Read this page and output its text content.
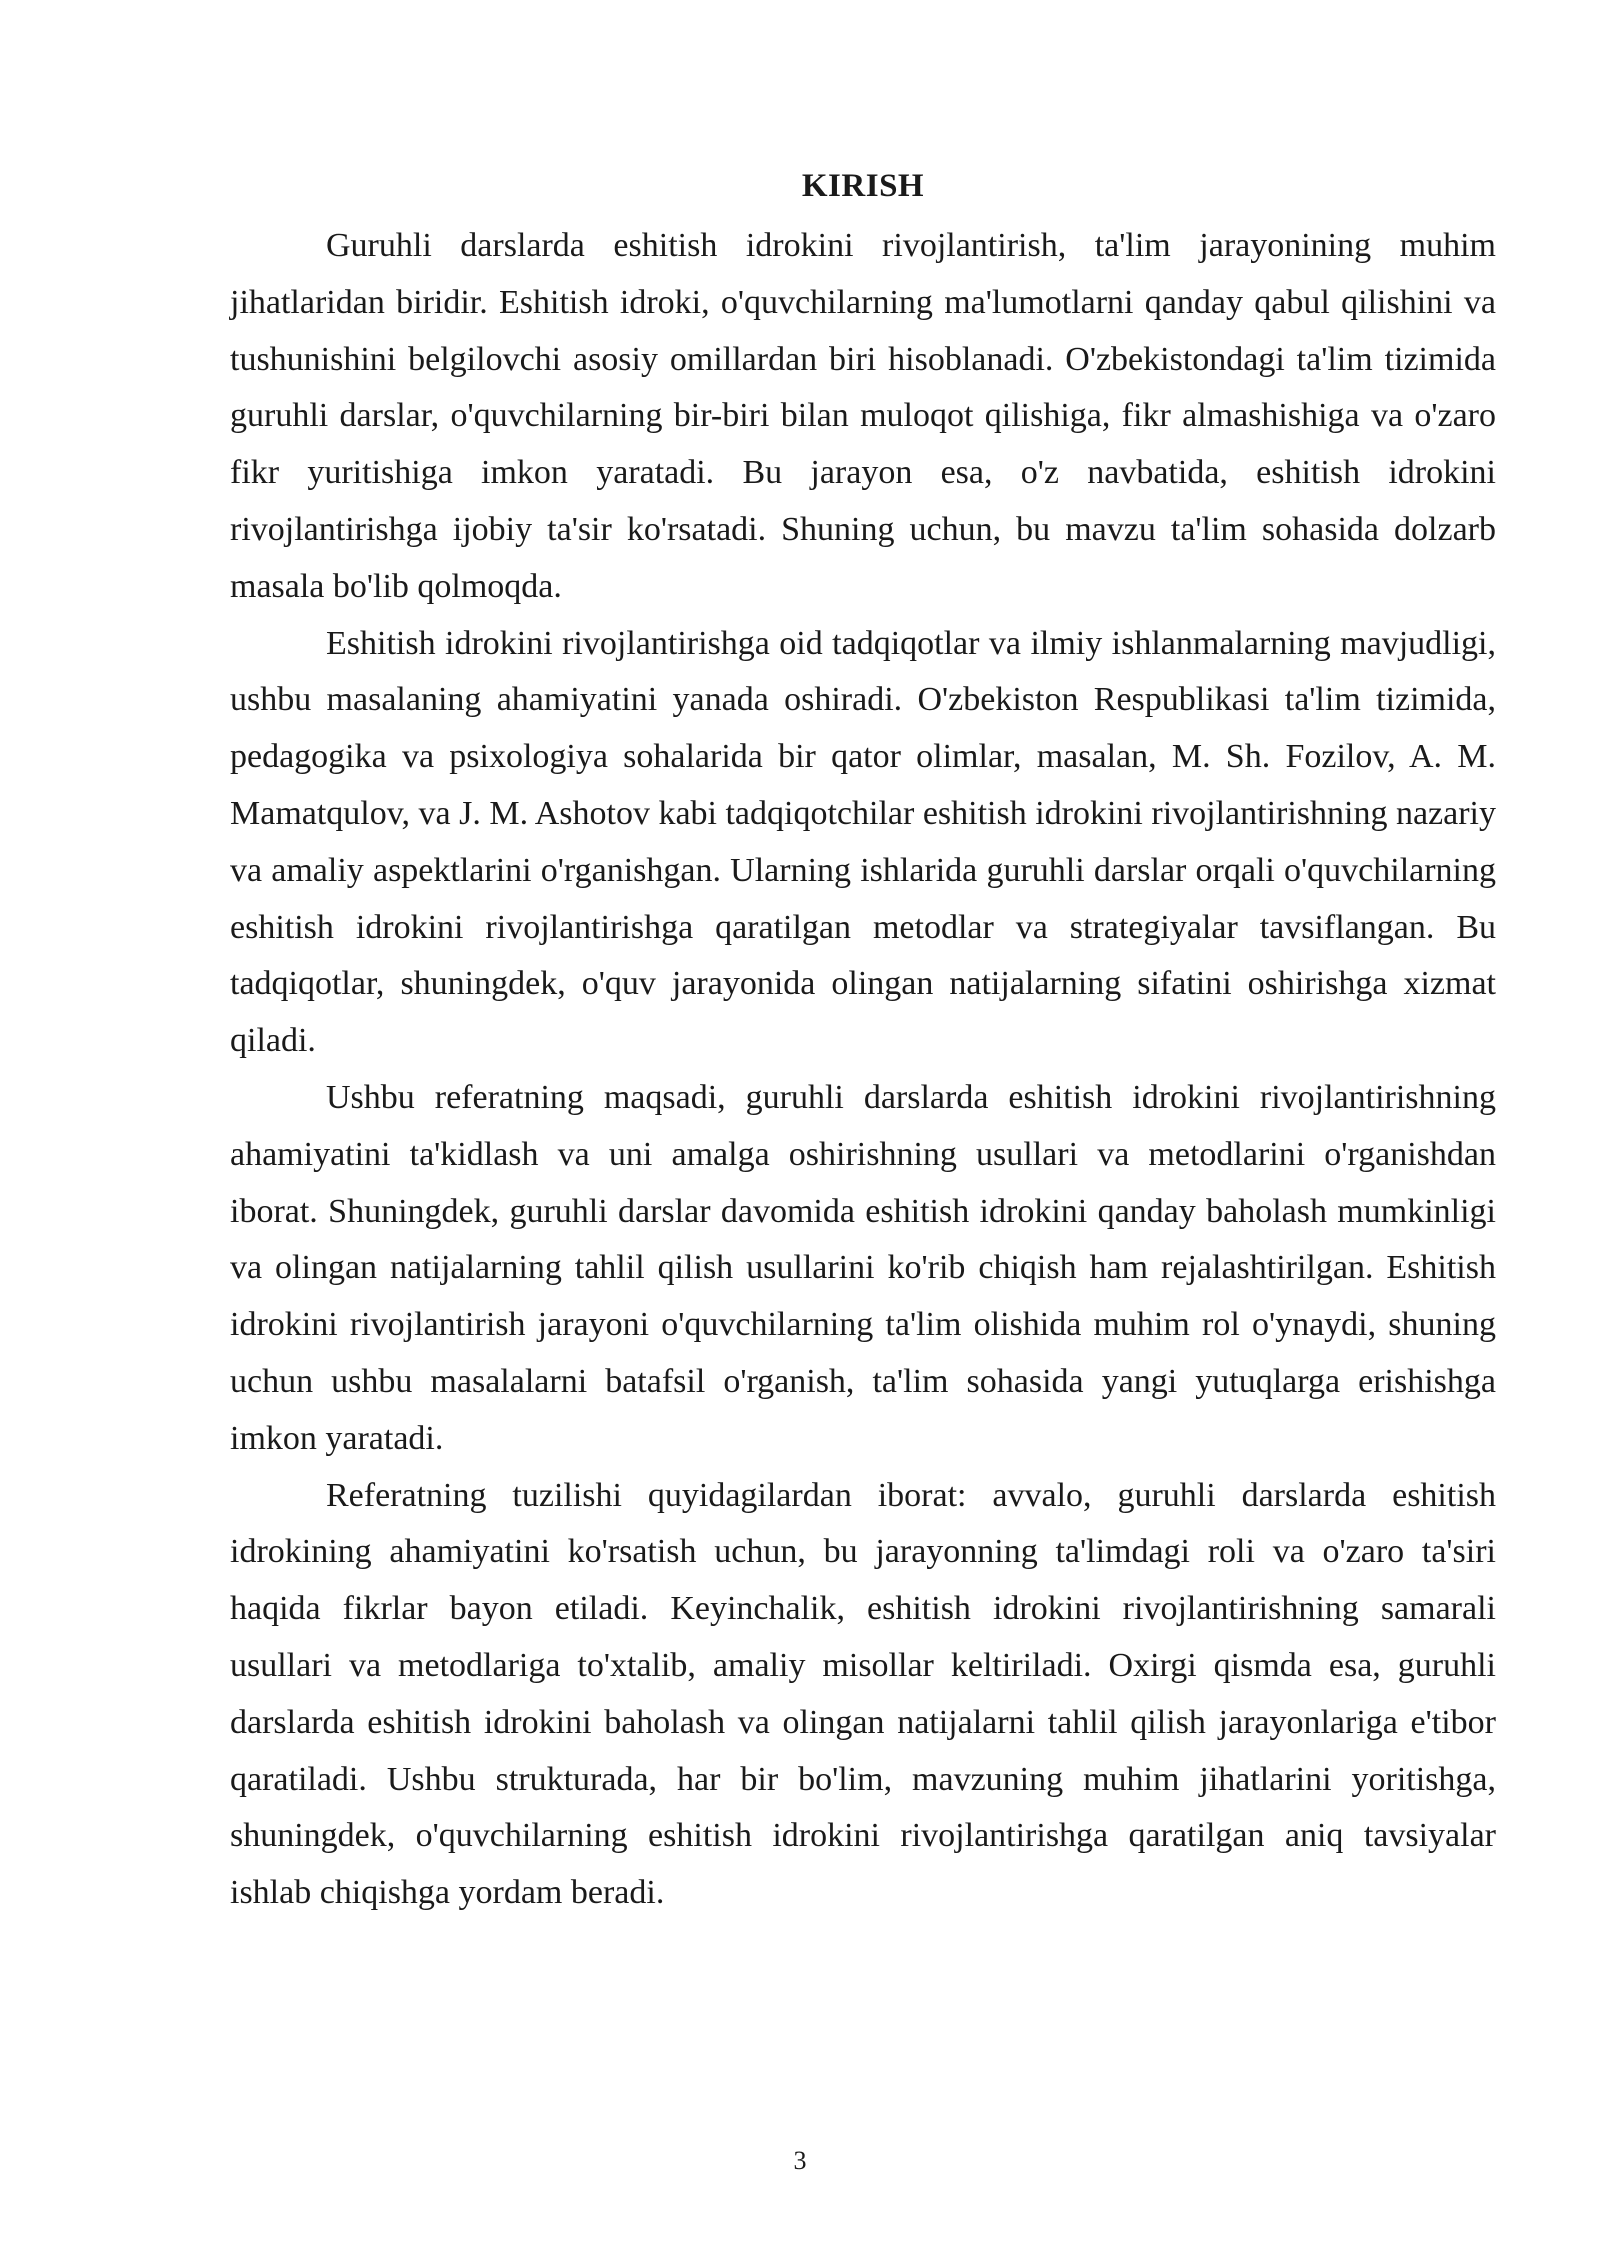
KIRISH

Guruhli darslarda eshitish idrokini rivojlantirish, ta'lim jarayonining muhim jihatlaridan biridir. Eshitish idroki, o'quvchilarning ma'lumotlarni qanday qabul qilishini va tushunishini belgilovchi asosiy omillardan biri hisoblanadi. O'zbekistondagi ta'lim tizimida guruhli darslar, o'quvchilarning bir-biri bilan muloqot qilishiga, fikr almashishiga va o'zaro fikr yuritishiga imkon yaratadi. Bu jarayon esa, o'z navbatida, eshitish idrokini rivojlantirishga ijobiy ta'sir ko'rsatadi. Shuning uchun, bu mavzu ta'lim sohasida dolzarb masala bo'lib qolmoqda.

Eshitish idrokini rivojlantirishga oid tadqiqotlar va ilmiy ishlanmalarning mavjudligi, ushbu masalaning ahamiyatini yanada oshiradi. O'zbekiston Respublikasi ta'lim tizimida, pedagogika va psixologiya sohalarida bir qator olimlar, masalan, M. Sh. Fozilov, A. M. Mamatqulov, va J. M. Ashotov kabi tadqiqotchilar eshitish idrokini rivojlantirishning nazariy va amaliy aspektlarini o'rganishgan. Ularning ishlarida guruhli darslar orqali o'quvchilarning eshitish idrokini rivojlantirishga qaratilgan metodlar va strategiyalar tavsiflangan. Bu tadqiqotlar, shuningdek, o'quv jarayonida olingan natijalarning sifatini oshirishga xizmat qiladi.

Ushbu referatning maqsadi, guruhli darslarda eshitish idrokini rivojlantirishning ahamiyatini ta'kidlash va uni amalga oshirishning usullari va metodlarini o'rganishdan iborat. Shuningdek, guruhli darslar davomida eshitish idrokini qanday baholash mumkinligi va olingan natijalarning tahlil qilish usullarini ko'rib chiqish ham rejalashtirilgan. Eshitish idrokini rivojlantirish jarayoni o'quvchilarning ta'lim olishida muhim rol o'ynaydi, shuning uchun ushbu masalalarni batafsil o'rganish, ta'lim sohasida yangi yutuqlarga erishishga imkon yaratadi.

Referatning tuzilishi quyidagilardan iborat: avvalo, guruhli darslarda eshitish idrokining ahamiyatini ko'rsatish uchun, bu jarayonning ta'limdagi roli va o'zaro ta'siri haqida fikrlar bayon etiladi. Keyinchalik, eshitish idrokini rivojlantirishning samarali usullari va metodlariga to'xtalib, amaliy misollar keltiriladi. Oxirgi qismda esa, guruhli darslarda eshitish idrokini baholash va olingan natijalarni tahlil qilish jarayonlariga e'tibor qaratiladi. Ushbu strukturada, har bir bo'lim, mavzuning muhim jihatlarini yoritishga, shuningdek, o'quvchilarning eshitish idrokini rivojlantirishga qaratilgan aniq tavsiyalar ishlab chiqishga yordam beradi.

3
